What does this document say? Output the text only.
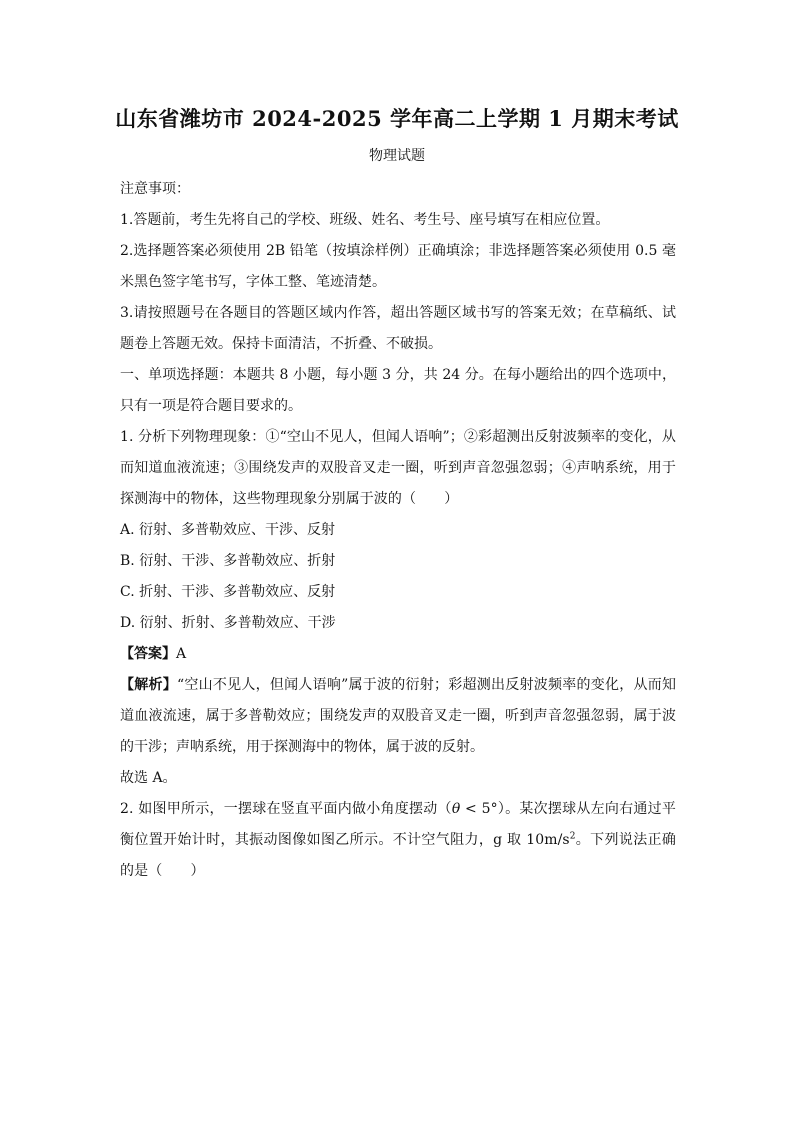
山东省潍坊市 2024-2025 学年高二上学期 1 月期末考试
物理试题

注意事项：

1.答题前，考生先将自己的学校、班级、姓名、考生号、座号填写在相应位置。

2.选择题答案必须使用 2B 铅笔（按填涂样例）正确填涂；非选择题答案必须使用 0.5 毫米黑色签字笔书写，字体工整、笔迹清楚。

3.请按照题号在各题目的答题区域内作答，超出答题区域书写的答案无效；在草稿纸、试题卷上答题无效。保持卡面清洁，不折叠、不破损。

一、单项选择题：本题共 8 小题，每小题 3 分，共 24 分。在每小题给出的四个选项中，只有一项是符合题目要求的。

1. 分析下列物理现象：①“空山不见人，但闻人语响”；②彩超测出反射波频率的变化，从而知道血液流速；③围绕发声的双股音叉走一圈，听到声音忽强忽弱；④声呐系统，用于探测海中的物体，这些物理现象分别属于波的（　　）

A. 衍射、多普勒效应、干涉、反射

B. 衍射、干涉、多普勒效应、折射

C. 折射、干涉、多普勒效应、反射

D. 衍射、折射、多普勒效应、干涉

【答案】A

【解析】“空山不见人，但闻人语响”属于波的衍射；彩超测出反射波频率的变化，从而知道血液流速，属于多普勒效应；围绕发声的双股音叉走一圈，听到声音忽强忽弱，属于波的干涉；声呐系统，用于探测海中的物体，属于波的反射。

故选 A。

2. 如图甲所示，一摆球在竖直平面内做小角度摆动（θ < 5°）。某次摆球从左向右通过平衡位置开始计时，其振动图像如图乙所示。不计空气阻力，g 取 $10m/s^2$。下列说法正确的是（　　）
